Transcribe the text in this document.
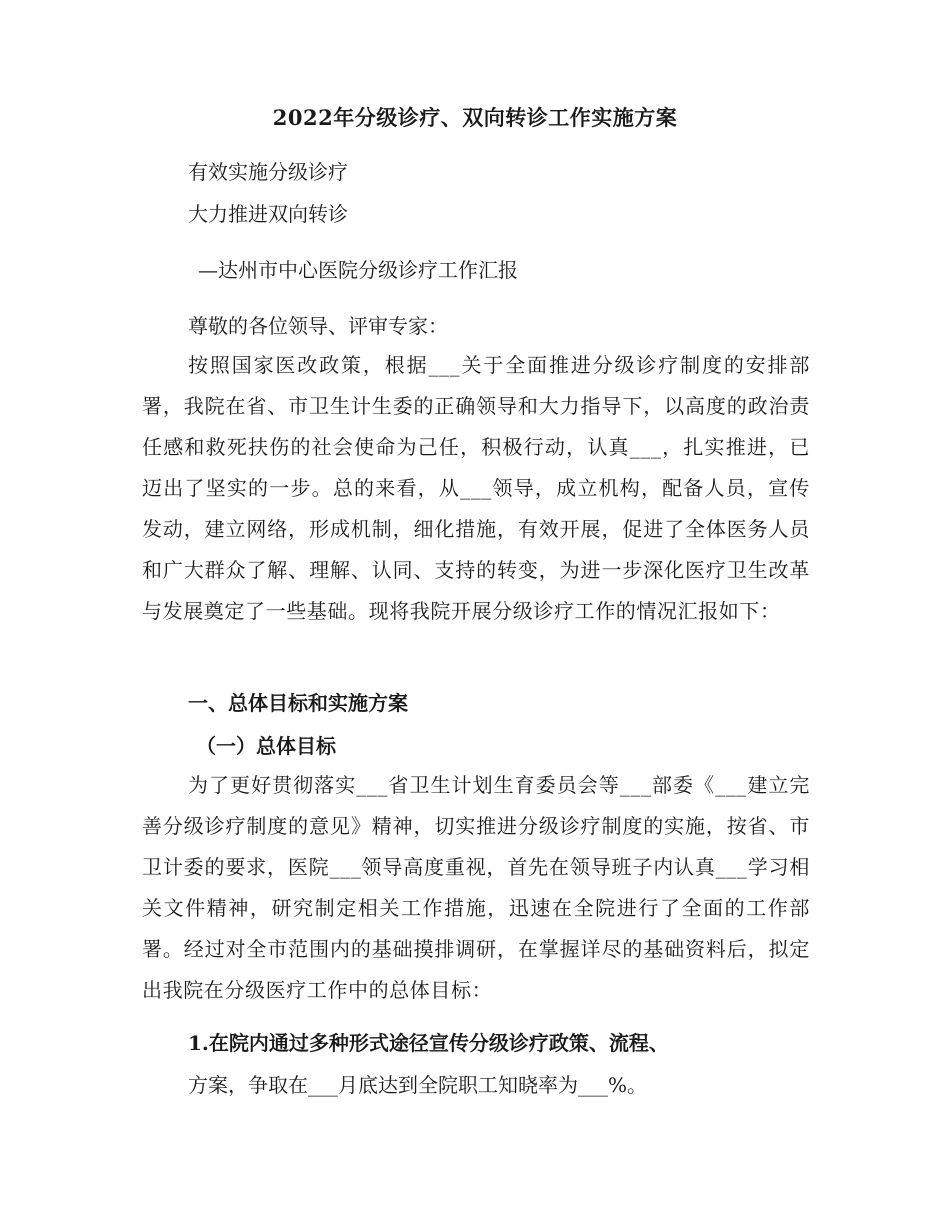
2022年分级诊疗、双向转诊工作实施方案
有效实施分级诊疗
大力推进双向转诊
—达州市中心医院分级诊疗工作汇报
尊敬的各位领导、评审专家：
按照国家医改政策，根据___关于全面推进分级诊疗制度的安排部署，我院在省、市卫生计生委的正确领导和大力指导下，以高度的政治责任感和救死扶伤的社会使命为己任，积极行动，认真___，扎实推进，已迈出了坚实的一步。总的来看，从___领导，成立机构，配备人员，宣传发动，建立网络，形成机制，细化措施，有效开展，促进了全体医务人员和广大群众了解、理解、认同、支持的转变，为进一步深化医疗卫生改革与发展奠定了一些基础。现将我院开展分级诊疗工作的情况汇报如下：
一、总体目标和实施方案
（一）总体目标
为了更好贯彻落实___省卫生计划生育委员会等___部委《___建立完善分级诊疗制度的意见》精神，切实推进分级诊疗制度的实施，按省、市卫计委的要求，医院___领导高度重视，首先在领导班子内认真___学习相关文件精神，研究制定相关工作措施，迅速在全院进行了全面的工作部署。经过对全市范围内的基础摸排调研，在掌握详尽的基础资料后，拟定出我院在分级医疗工作中的总体目标：
1.在院内通过多种形式途径宣传分级诊疗政策、流程、
方案，争取在___月底达到全院职工知晓率为___%。
